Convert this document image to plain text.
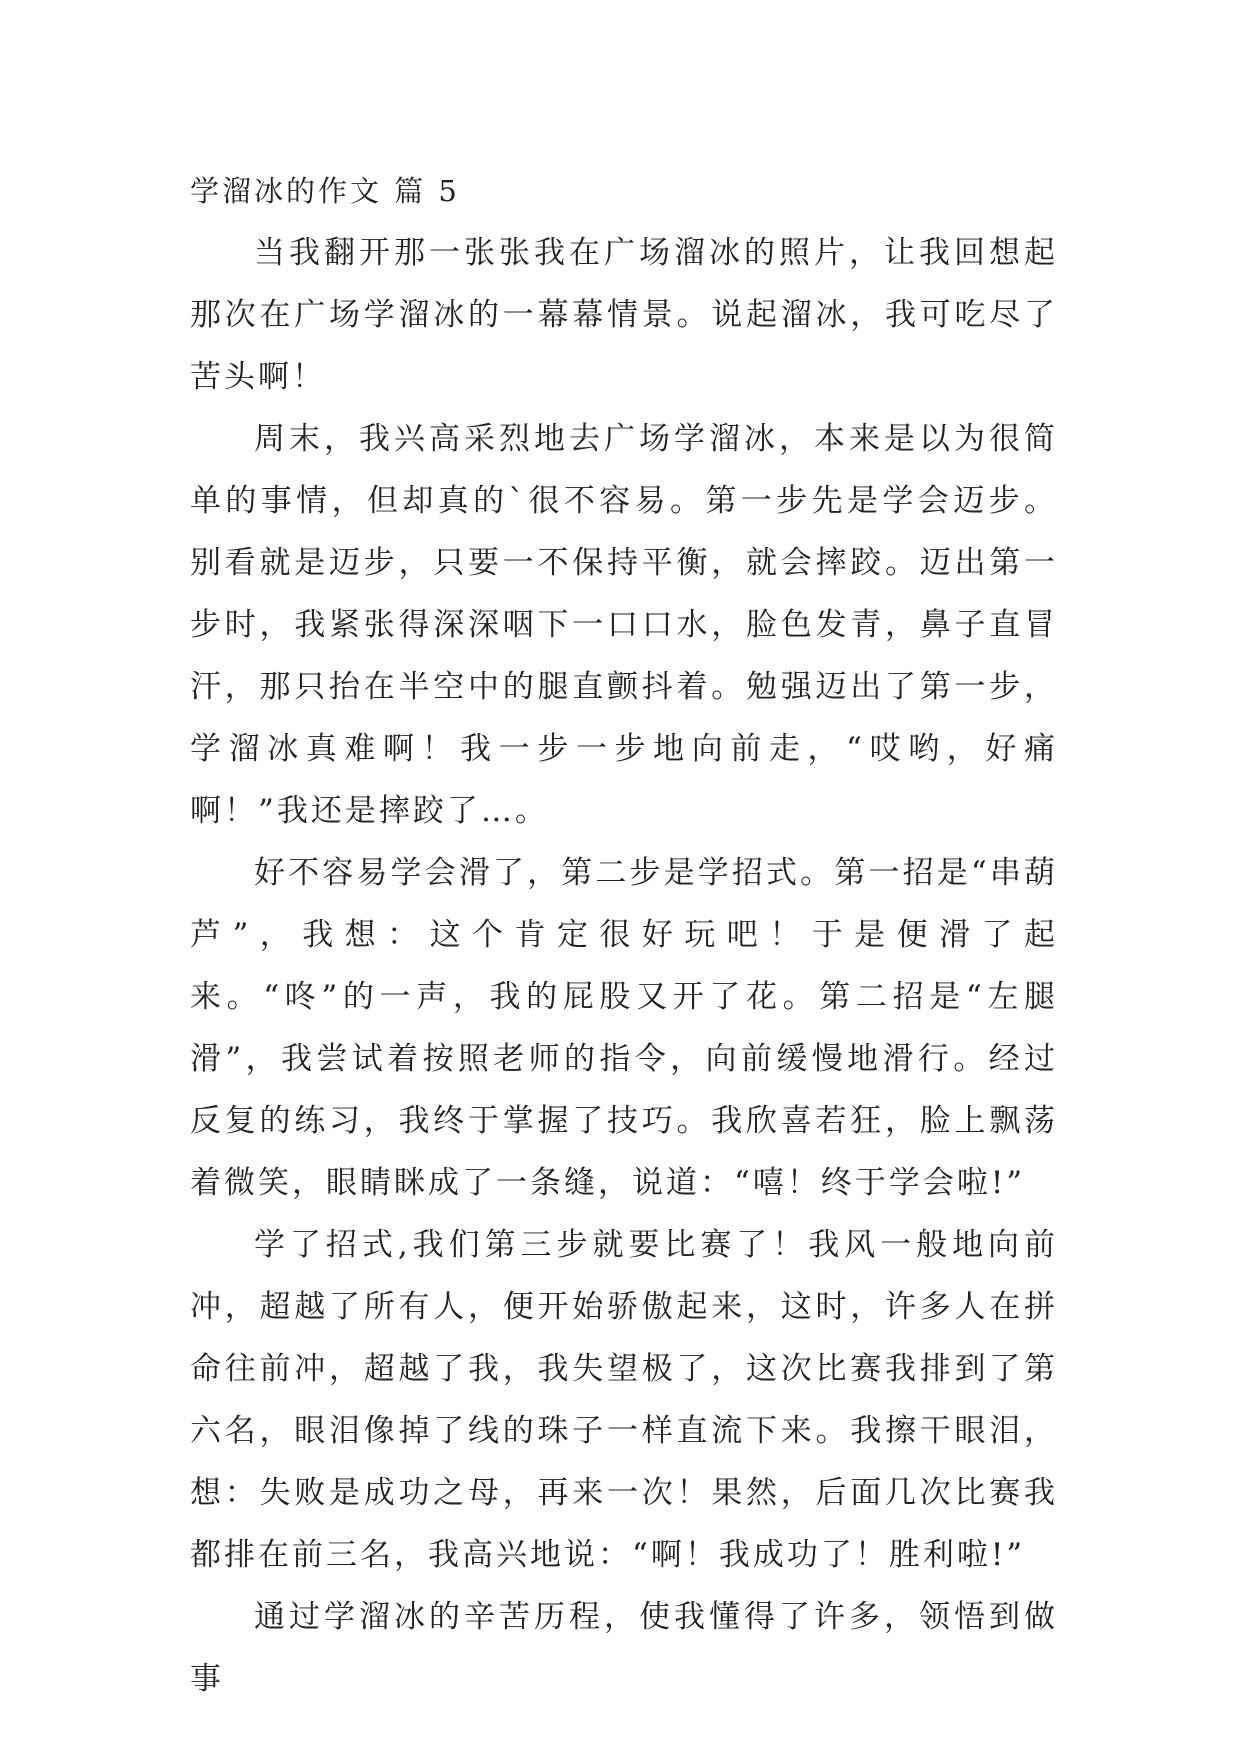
学溜冰的作文 篇 5

当我翻开那一张张我在广场溜冰的照片，让我回想起那次在广场学溜冰的一幕幕情景。说起溜冰，我可吃尽了苦头啊！

周末，我兴高采烈地去广场学溜冰，本来是以为很简单的事情，但却真的`很不容易。第一步先是学会迈步。别看就是迈步，只要一不保持平衡，就会摔跤。迈出第一步时，我紧张得深深咽下一口口水，脸色发青，鼻子直冒汗，那只抬在半空中的腿直颤抖着。勉强迈出了第一步，学溜冰真难啊！我一步一步地向前走，“哎哟，好痛啊！”我还是摔跤了…。

好不容易学会滑了，第二步是学招式。第一招是“串葫芦”，我想：这个肯定很好玩吧！于是便滑了起来。“咚”的一声，我的屁股又开了花。第二招是“左腿滑”，我尝试着按照老师的指令，向前缓慢地滑行。经过反复的练习，我终于掌握了技巧。我欣喜若狂，脸上飘荡着微笑，眼睛眯成了一条缝，说道：“嘻！终于学会啦!”

学了招式,我们第三步就要比赛了！我风一般地向前冲，超越了所有人，便开始骄傲起来，这时，许多人在拼命往前冲，超越了我，我失望极了，这次比赛我排到了第六名，眼泪像掉了线的珠子一样直流下来。我擦干眼泪，想：失败是成功之母，再来一次！果然，后面几次比赛我都排在前三名，我高兴地说：“啊！我成功了！胜利啦!”

通过学溜冰的辛苦历程，使我懂得了许多，领悟到做事
